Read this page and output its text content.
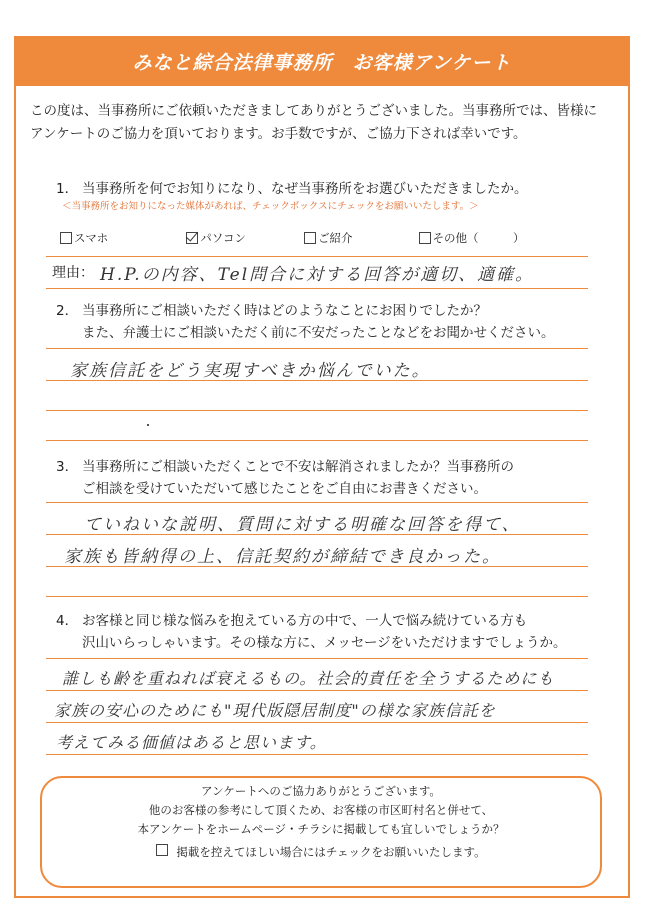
みなと綜合法律事務所　お客様アンケート
この度は、当事務所にご依頼いただきましてありがとうございました。当事務所では、皆様に
アンケートのご協力を頂いております。お手数ですが、ご協力下されば幸いです。
1． 当事務所を何でお知りになり、なぜ当事務所をお選びいただきましたか。
＜当事務所をお知りになった媒体があれば、チェックボックスにチェックをお願いいたします。＞
スマホ	パソコン	ご紹介	その他（　　　）
理由： H.P.の内容、Tel問合に対する回答が適切、適確。
2． 当事務所にご相談いただく時はどのようなことにお困りでしたか？
また、弁護士にご相談いただく前に不安だったことなどをお聞かせください。
家族信託をどう実現すべきか悩んでいた。
3． 当事務所にご相談いただくことで不安は解消されましたか？当事務所の
ご相談を受けていただいて感じたことをご自由にお書きください。
ていねいな説明、質問に対する明確な回答を得て、
家族も皆納得の上、信託契約が締結でき良かった。
4． お客様と同じ様な悩みを抱えている方の中で、一人で悩み続けている方も
沢山いらっしゃいます。その様な方に、メッセージをいただけますでしょうか。
誰しも齢を重ねれば衰えるもの。社会的責任を全うするためにも
家族の安心のためにも"現代版隠居制度"の様な家族信託を
考えてみる価値はあると思います。
アンケートへのご協力ありがとうございます。
他のお客様の参考にして頂くため、お客様の市区町村名と併せて、
本アンケートをホームページ・チラシに掲載しても宜しいでしょうか？
掲載を控えてほしい場合にはチェックをお願いいたします。
